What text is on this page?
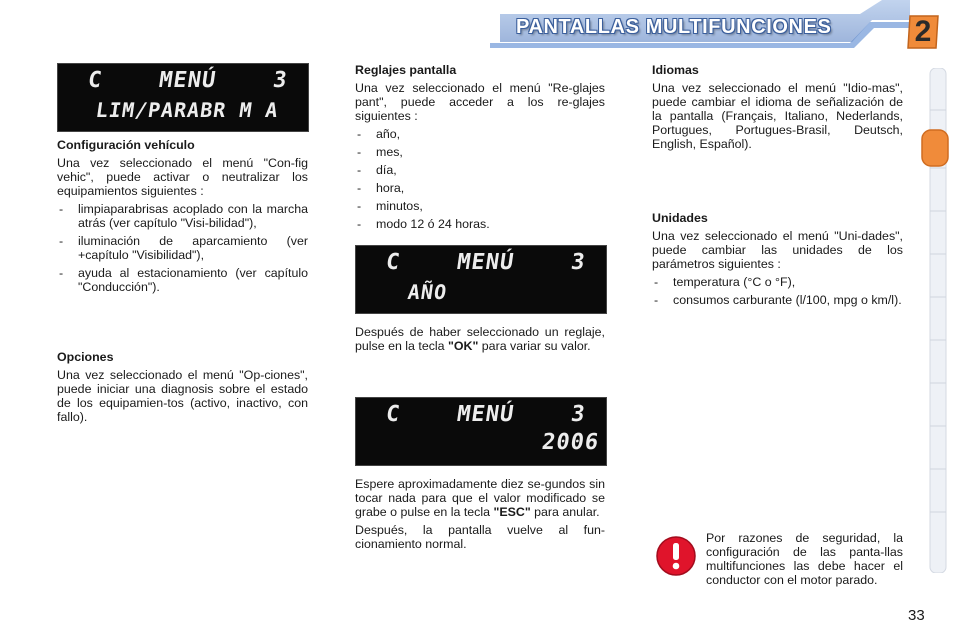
PANTALLAS MULTIFUNCIONES	2
C    MENÚ    3
LIM/PARABR M A
Configuración vehículo

Una vez seleccionado el menú "Con-fig vehic", puede activar o neutralizar los equipamientos siguientes :

- limpiaparabrisas acoplado con la marcha atrás (ver capítulo "Visi-bilidad"),
- iluminación de aparcamiento (ver +capítulo "Visibilidad"),
- ayuda al estacionamiento (ver capítulo "Conducción").
Opciones

Una vez seleccionado el menú "Op-ciones", puede iniciar una diagnosis sobre el estado de los equipamien-tos (activo, inactivo, con fallo).

Reglajes pantalla

Una vez seleccionado el menú "Re-glajes pant", puede acceder a los re-glajes siguientes :

- año,
- mes,
- día,
- hora,
- minutos,
- modo 12 ó 24 horas.
C    MENÚ    3
AÑO

Después de haber seleccionado un reglaje, pulse en la tecla "OK" para variar su valor.

C    MENÚ    3
2006

Espere aproximadamente diez se-gundos sin tocar nada para que el valor modificado se grabe o pulse en la tecla "ESC" para anular.

Después, la pantalla vuelve al fun-cionamiento normal.

Idiomas

Una vez seleccionado el menú "Idio-mas", puede cambiar el idioma de señalización de la pantalla (Français, Italiano, Nederlands, Portugues, Portugues-Brasil, Deutsch, English, Español).

Unidades

Una vez seleccionado el menú "Uni-dades", puede cambiar las unidades de los parámetros siguientes :

- temperatura (°C o °F),
- consumos carburante (l/100, mpg o km/l).

Por razones de seguridad, la configuración de las panta-llas multifunciones las debe hacer el conductor con el motor parado.

33
